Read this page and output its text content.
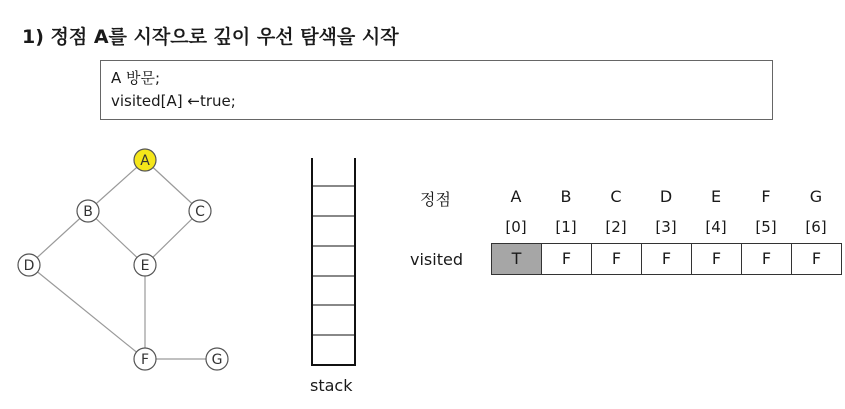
1) 정점 A를 시작으로 깊이 우선 탐색을 시작
A 방문;
visited[A] ←true;
A
B	C
D	E
F	G
stack
정점
visited
A	B	C	D	E	F	G
[0]	[1]	[2]	[3]	[4]	[5]	[6]
T	F	F	F	F	F	F
